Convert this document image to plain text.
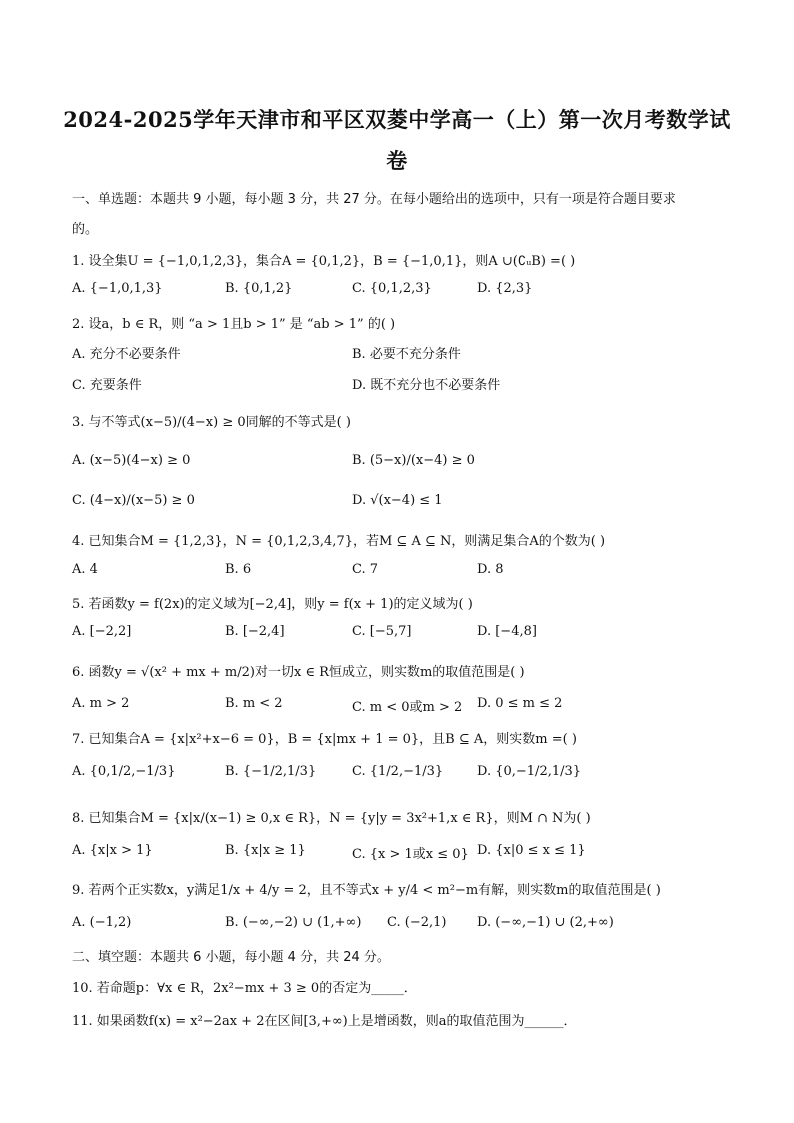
2024-2025学年天津市和平区双菱中学高一（上）第一次月考数学试
卷
一、单选题：本题共 9 小题，每小题 3 分，共 27 分。在每小题给出的选项中，只有一项是符合题目要求
的。
1. 设全集U = {−1,0,1,2,3}，集合A = {0,1,2}，B = {−1,0,1}，则A ∪(∁ᵤB) =( )
A. {−1,0,1,3}	B. {0,1,2}	C. {0,1,2,3}	D. {2,3}
2. 设a，b ∈ R，则 “a > 1且b > 1” 是 “ab > 1” 的( )
A. 充分不必要条件	B. 必要不充分条件
C. 充要条件	D. 既不充分也不必要条件
3. 与不等式(x−5)/(4−x) ≥ 0同解的不等式是( )
A. (x−5)(4−x) ≥ 0	B. (5−x)/(x−4) ≥ 0
C. (4−x)/(x−5) ≥ 0	D. √(x−4) ≤ 1
4. 已知集合M = {1,2,3}，N = {0,1,2,3,4,7}，若M ⊆ A ⊆ N，则满足集合A的个数为( )
A. 4	B. 6	C. 7	D. 8
5. 若函数y = f(2x)的定义域为[−2,4]，则y = f(x + 1)的定义域为( )
A. [−2,2]	B. [−2,4]	C. [−5,7]	D. [−4,8]
6. 函数y = √(x² + mx + m/2)对一切x ∈ R恒成立，则实数m的取值范围是( )
A. m > 2	B. m < 2	C. m < 0或m > 2 D. 0 ≤ m ≤ 2
7. 已知集合A = {x|x²+x−6 = 0}，B = {x|mx + 1 = 0}，且B ⊆ A，则实数m =( )
A. {0,1/2,−1/3}	B. {−1/2,1/3}	C. {1/2,−1/3}	D. {0,−1/2,1/3}
8. 已知集合M = {x|x/(x−1) ≥ 0,x ∈ R}，N = {y|y = 3x²+1,x ∈ R}，则M ∩ N为( )
A. {x|x > 1}	B. {x|x ≥ 1}	C. {x > 1或x ≤ 0} D. {x|0 ≤ x ≤ 1}
9. 若两个正实数x，y满足1/x + 4/y = 2，且不等式x + y/4 < m²−m有解，则实数m的取值范围是( )
A. (−1,2)	B. (−∞,−2) ∪ (1,+∞) C. (−2,1) D. (−∞,−1) ∪ (2,+∞)
二、填空题：本题共 6 小题，每小题 4 分，共 24 分。
10. 若命题p：∀x ∈ R，2x²−mx + 3 ≥ 0的否定为_____．
11. 如果函数f(x) = x²−2ax + 2在区间[3,+∞)上是增函数，则a的取值范围为______．
